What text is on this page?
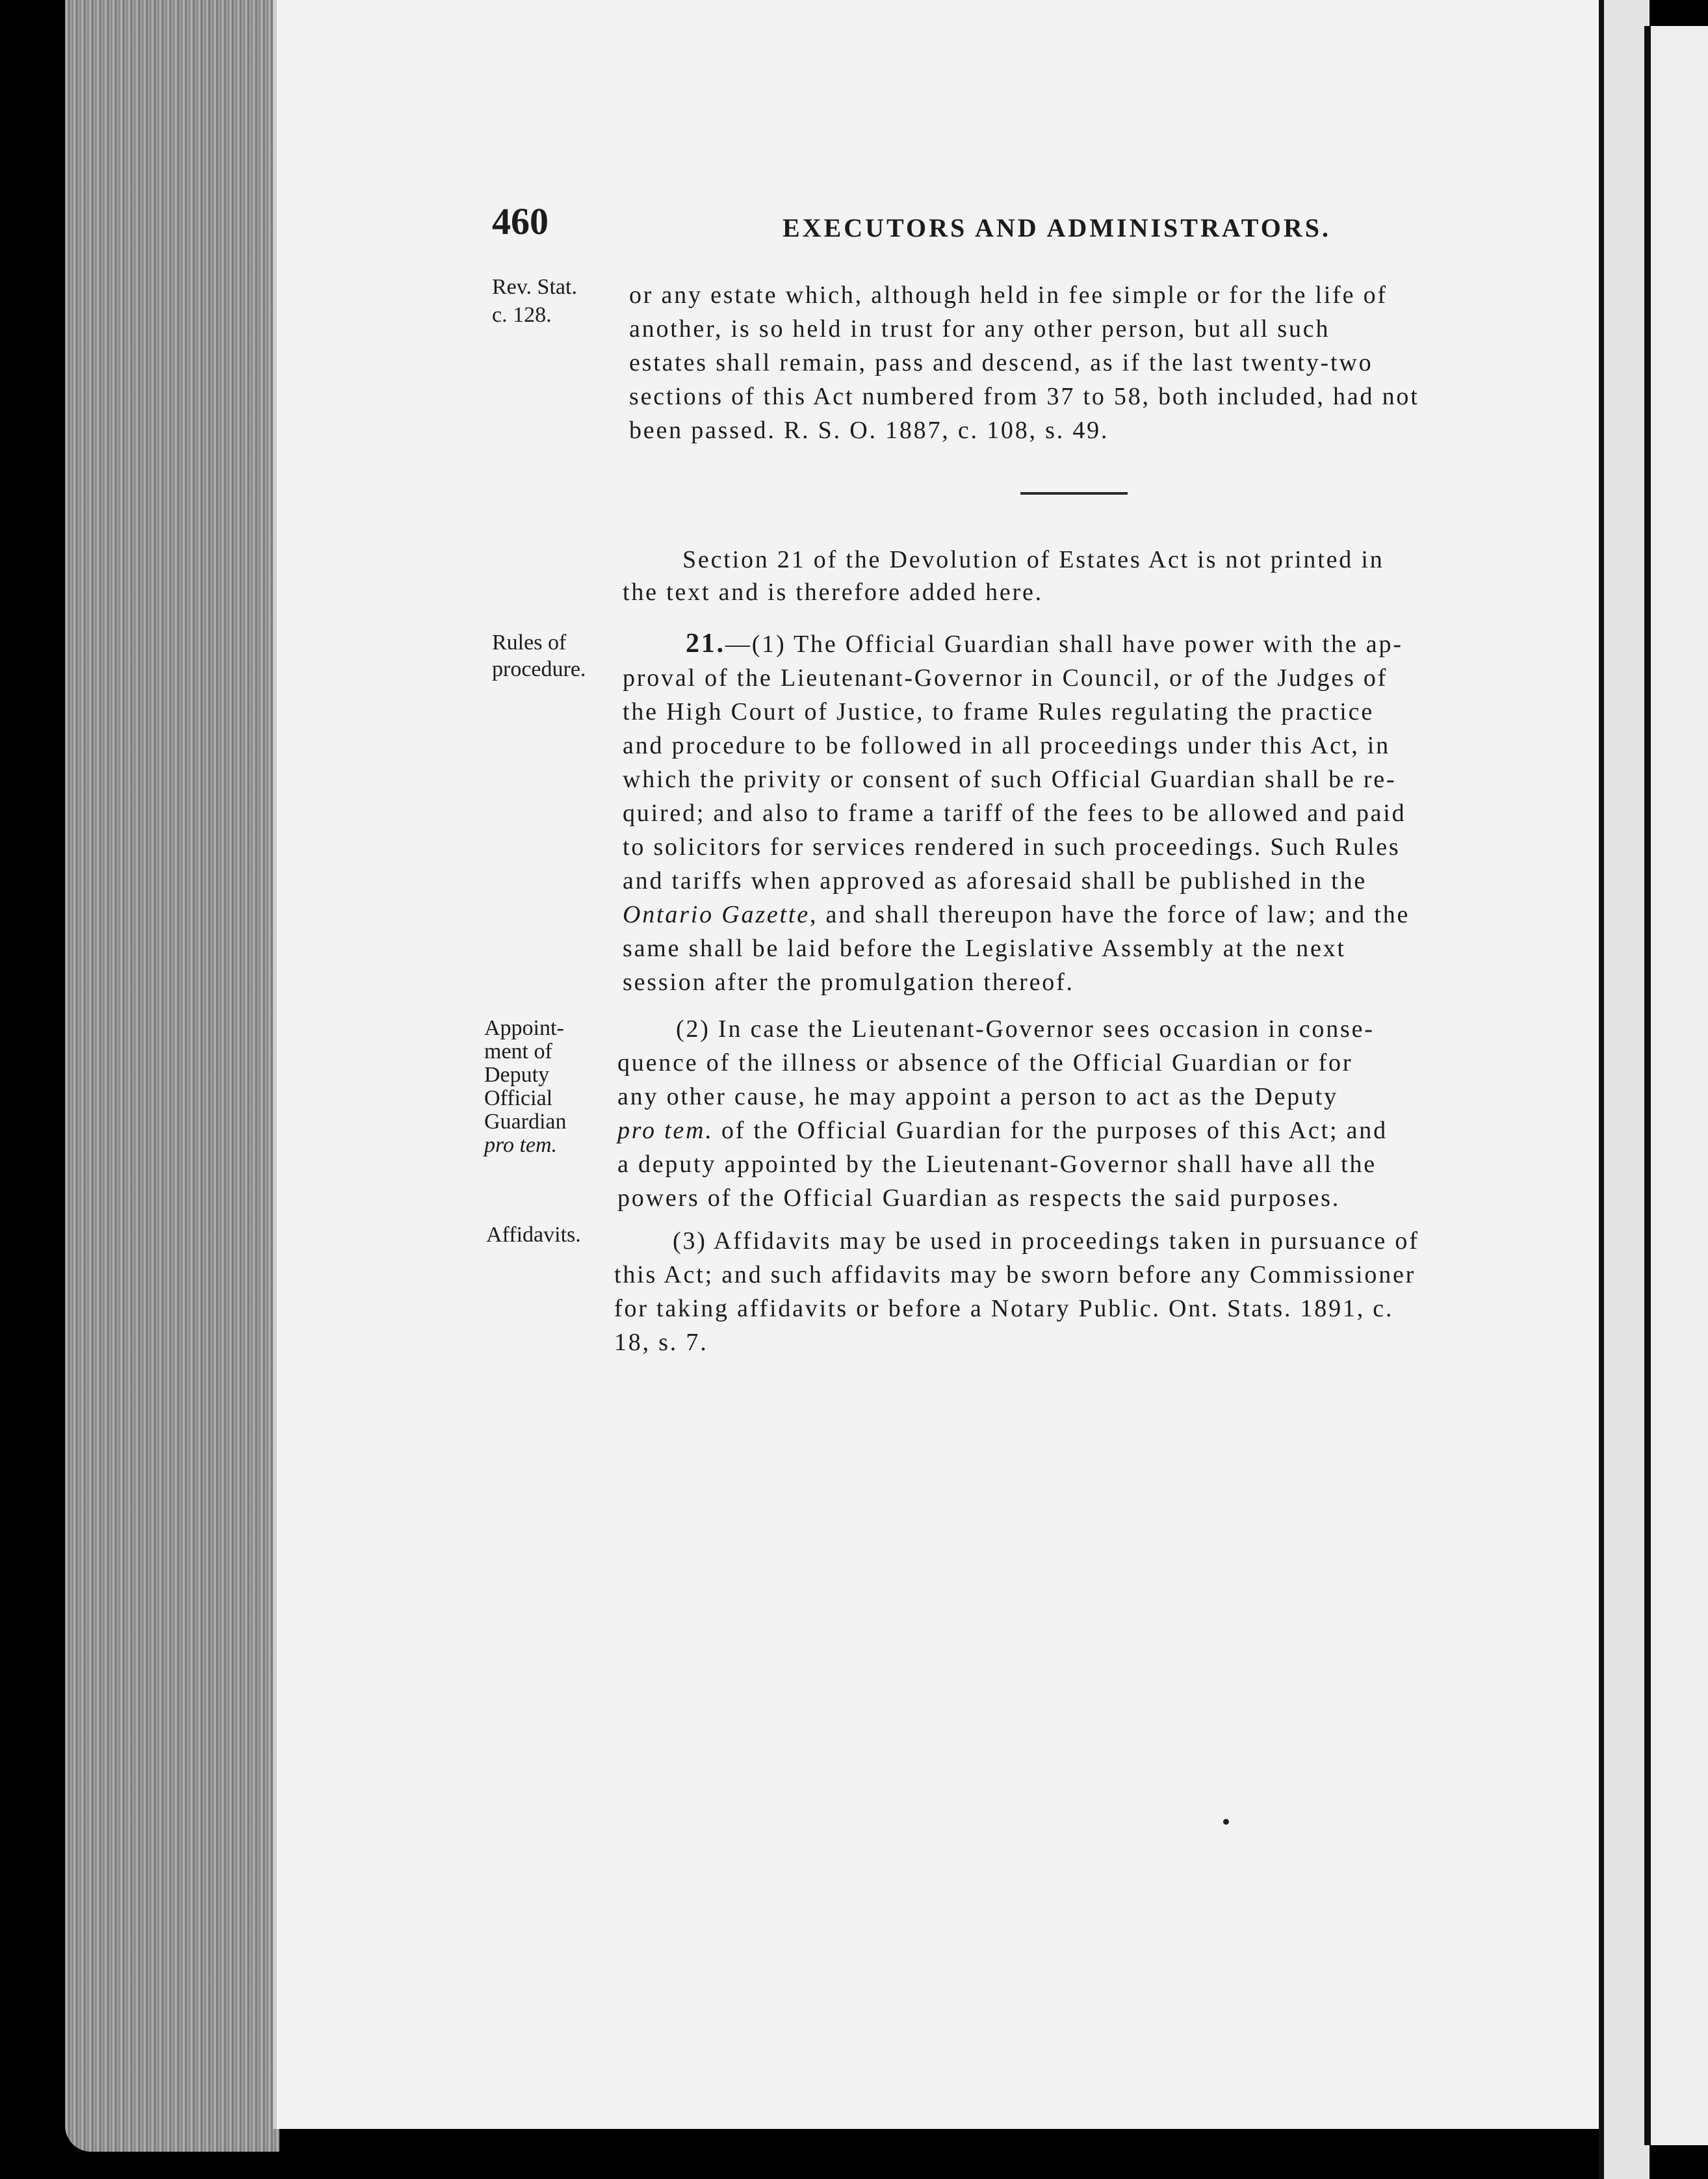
460	EXECUTORS AND ADMINISTRATORS.
Rev. Stat.
c. 128.
Rules of
procedure.
Appoint-
ment of
Deputy
Official
Guardian
pro tem.
Affidavits.
or any estate which, although held in fee simple or for the life of
another, is so held in trust for any other person, but all such
estates shall remain, pass and descend, as if the last twenty-two
sections of this Act numbered from 37 to 58, both included, had not
been passed. R. S. O. 1887, c. 108, s. 49.
Section 21 of the Devolution of Estates Act is not printed in
the text and is therefore added here.
21.—(1) The Official Guardian shall have power with the ap-
proval of the Lieutenant-Governor in Council, or of the Judges of
the High Court of Justice, to frame Rules regulating the practice
and procedure to be followed in all proceedings under this Act, in
which the privity or consent of such Official Guardian shall be re-
quired; and also to frame a tariff of the fees to be allowed and paid
to solicitors for services rendered in such proceedings. Such Rules
and tariffs when approved as aforesaid shall be published in the
Ontario Gazette, and shall thereupon have the force of law; and the
same shall be laid before the Legislative Assembly at the next
session after the promulgation thereof.
(2) In case the Lieutenant-Governor sees occasion in conse-
quence of the illness or absence of the Official Guardian or for
any other cause, he may appoint a person to act as the Deputy
pro tem. of the Official Guardian for the purposes of this Act; and
a deputy appointed by the Lieutenant-Governor shall have all the
powers of the Official Guardian as respects the said purposes.
(3) Affidavits may be used in proceedings taken in pursuance of
this Act; and such affidavits may be sworn before any Commissioner
for taking affidavits or before a Notary Public. Ont. Stats. 1891, c.
18, s. 7.
